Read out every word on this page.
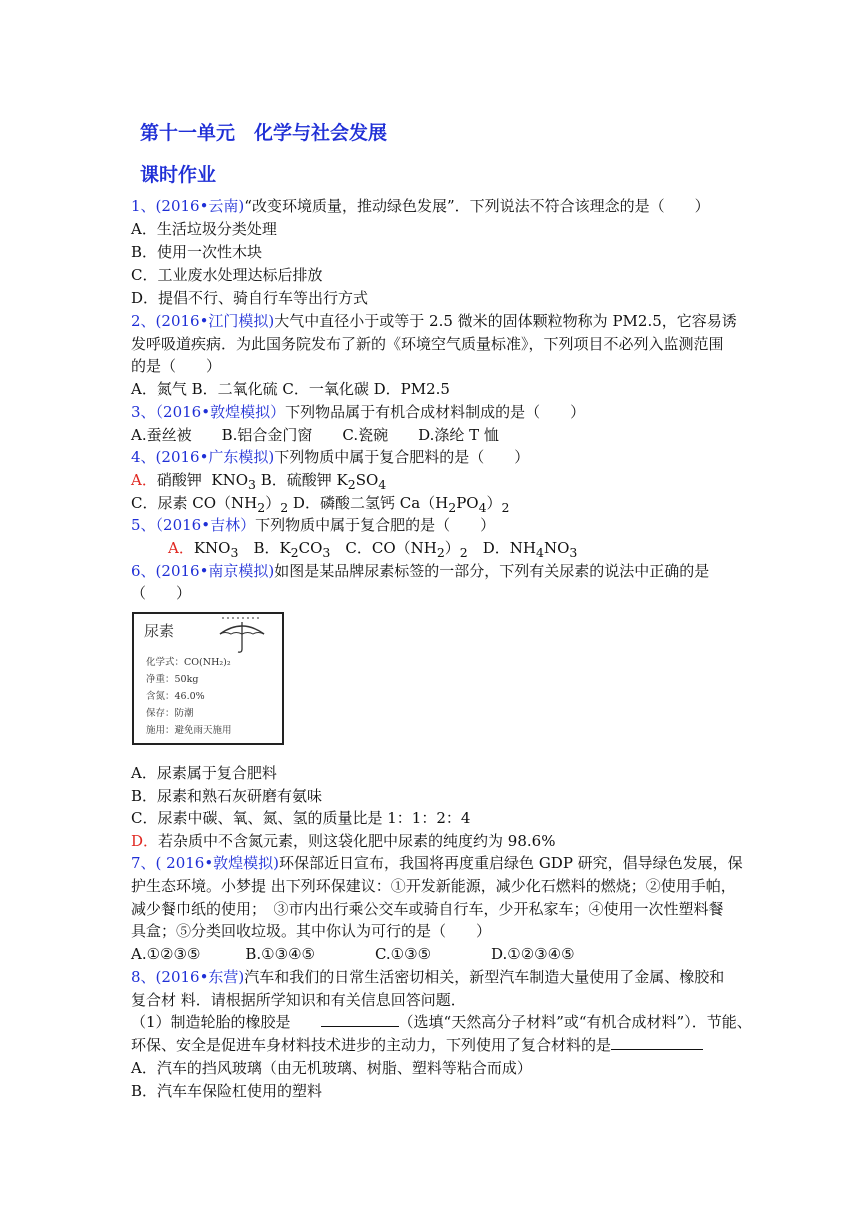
第十一单元　化学与社会发展
课时作业
1、(2016•云南)“改变环境质量，推动绿色发展”．下列说法不符合该理念的是（　　）
A．生活垃圾分类处理
B．使用一次性木块
C．工业废水处理达标后排放
D．提倡不行、骑自行车等出行方式
2、(2016•江门模拟)大气中直径小于或等于 2.5 微米的固体颗粒物称为 PM2.5，它容易诱
发呼吸道疾病．为此国务院发布了新的《环境空气质量标准》，下列项目不必列入监测范围
的是（　　）
A．氮气 B．二氧化硫 C．一氧化碳 D．PM2.5
3、（2016•敦煌模拟）下列物品属于有机合成材料制成的是（　　）
A.蚕丝被　　B.铝合金门窗　　C.瓷碗　　D.涤纶 T 恤
4、(2016•广东模拟)下列物质中属于复合肥料的是（　　）
A．硝酸钾  $KNO_3$ B．硫酸钾 $K_2SO_4$
C．尿素 $CO(NH_2)_2$ D．磷酸二氢钙 $Ca(H_2PO_4)_2$
5、（2016•吉林）下列物质中属于复合肥的是（　　）
A．$KNO_3$　B．$K_2CO_3$　C．$CO(NH_2)_2$　D．$NH_4NO_3$
6、(2016•南京模拟)如图是某品牌尿素标签的一部分，下列有关尿素的说法中正确的是
（　　）
A．尿素属于复合肥料
B．尿素和熟石灰研磨有氨味
C．尿素中碳、氧、氮、氢的质量比是 1：1：2：4
D．若杂质中不含氮元素，则这袋化肥中尿素的纯度约为 98.6%
7、( 2016•敦煌模拟)环保部近日宣布，我国将再度重启绿色 GDP 研究，倡导绿色发展，保
护生态环境。小梦提 出下列环保建议：①开发新能源，减少化石燃料的燃烧；②使用手帕，
减少餐巾纸的使用；　③市内出行乘公交车或骑自行车，少开私家车；④使用一次性塑料餐
具盒；⑤分类回收垃圾。其中你认为可行的是（　　）
A.①②③⑤　　　B.①③④⑤　　　　C.①③⑤　　　　D.①②③④⑤
8、(2016•东营)汽车和我们的日常生活密切相关，新型汽车制造大量使用了金属、橡胶和
复合材 料．请根据所学知识和有关信息回答问题．
（1）制造轮胎的橡胶是　　	（选填“天然高分子材料”或“有机合成材料”）．节能、
环保、安全是促进车身材料技术进步的主动力，下列使用了复合材料的是
A．汽车的挡风玻璃（由无机玻璃、树脂、塑料等粘合而成）
B．汽车车保险杠使用的塑料
尿素
化学式：CO(NH₂)₂
净重：50kg
含氮：46.0%
保存：防潮
施用：避免雨天施用
